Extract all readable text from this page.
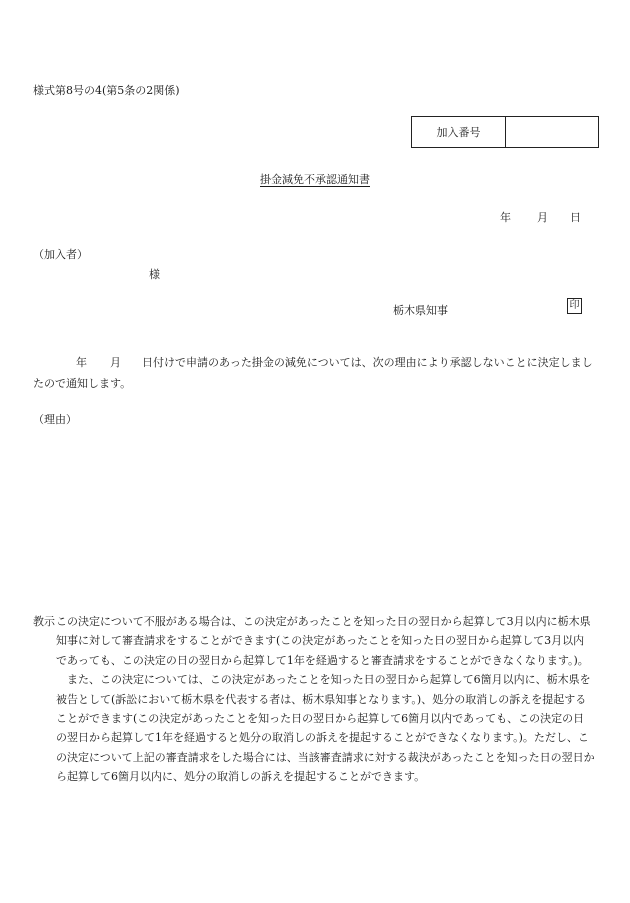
様式第8号の4(第5条の2関係)
加入番号
掛金減免不承認通知書
年 月 日
（加入者）
様
栃木県知事	印
年 月 日付けで申請のあった掛金の減免については、次の理由により承認しないことに決定しましたので通知します。
（理由）

教示この決定について不服がある場合は、この決定があったことを知った日の翌日から起算して3月以内に栃木県知事に対して審査請求をすることができます(この決定があったことを知った日の翌日から起算して3月以内であっても、この決定の日の翌日から起算して1年を経過すると審査請求をすることができなくなります。)。

また、この決定については、この決定があったことを知った日の翌日から起算して6箇月以内に、栃木県を被告として(訴訟において栃木県を代表する者は、栃木県知事となります。)、処分の取消しの訴えを提起することができます(この決定があったことを知った日の翌日から起算して6箇月以内であっても、この決定の日の翌日から起算して1年を経過すると処分の取消しの訴えを提起することができなくなります。)。ただし、この決定について上記の審査請求をした場合には、当該審査請求に対する裁決があったことを知った日の翌日から起算して6箇月以内に、処分の取消しの訴えを提起することができます。
